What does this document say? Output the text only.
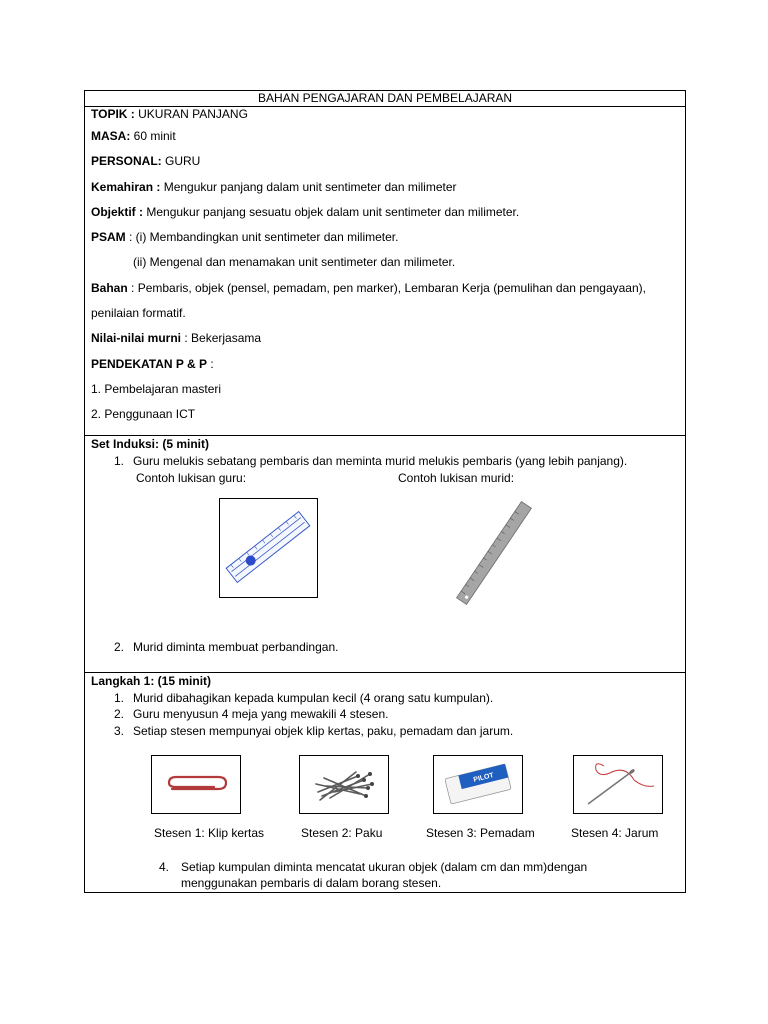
BAHAN PENGAJARAN DAN PEMBELAJARAN

TOPIK : UKURAN PANJANG
MASA: 60 minit
PERSONAL: GURU
Kemahiran : Mengukur panjang dalam unit sentimeter dan milimeter
Objektif : Mengukur panjang sesuatu objek dalam unit sentimeter dan milimeter.
PSAM : (i) Membandingkan unit sentimeter dan milimeter.
(ii) Mengenal dan menamakan unit sentimeter dan milimeter.
Bahan : Pembaris, objek (pensel, pemadam, pen marker), Lembaran Kerja (pemulihan dan pengayaan),
penilaian formatif.
Nilai-nilai murni : Bekerjasama
PENDEKATAN P & P :
1. Pembelajaran masteri
2. Penggunaan ICT

Set Induksi: (5 minit)
1. Guru melukis sebatang pembaris dan meminta murid melukis pembaris (yang lebih panjang).
Contoh lukisan guru:	Contoh lukisan murid:
2. Murid diminta membuat perbandingan.

Langkah 1: (15 minit)
1. Murid dibahagikan kepada kumpulan kecil (4 orang satu kumpulan).
2. Guru menyusun 4 meja yang mewakili 4 stesen.
3. Setiap stesen mempunyai objek klip kertas, paku, pemadam dan jarum.
PILOT
Stesen 1: Klip kertas	Stesen 2: Paku	Stesen 3: Pemadam	Stesen 4: Jarum
4. Setiap kumpulan diminta mencatat ukuran objek (dalam cm dan mm)dengan
menggunakan pembaris di dalam borang stesen.
